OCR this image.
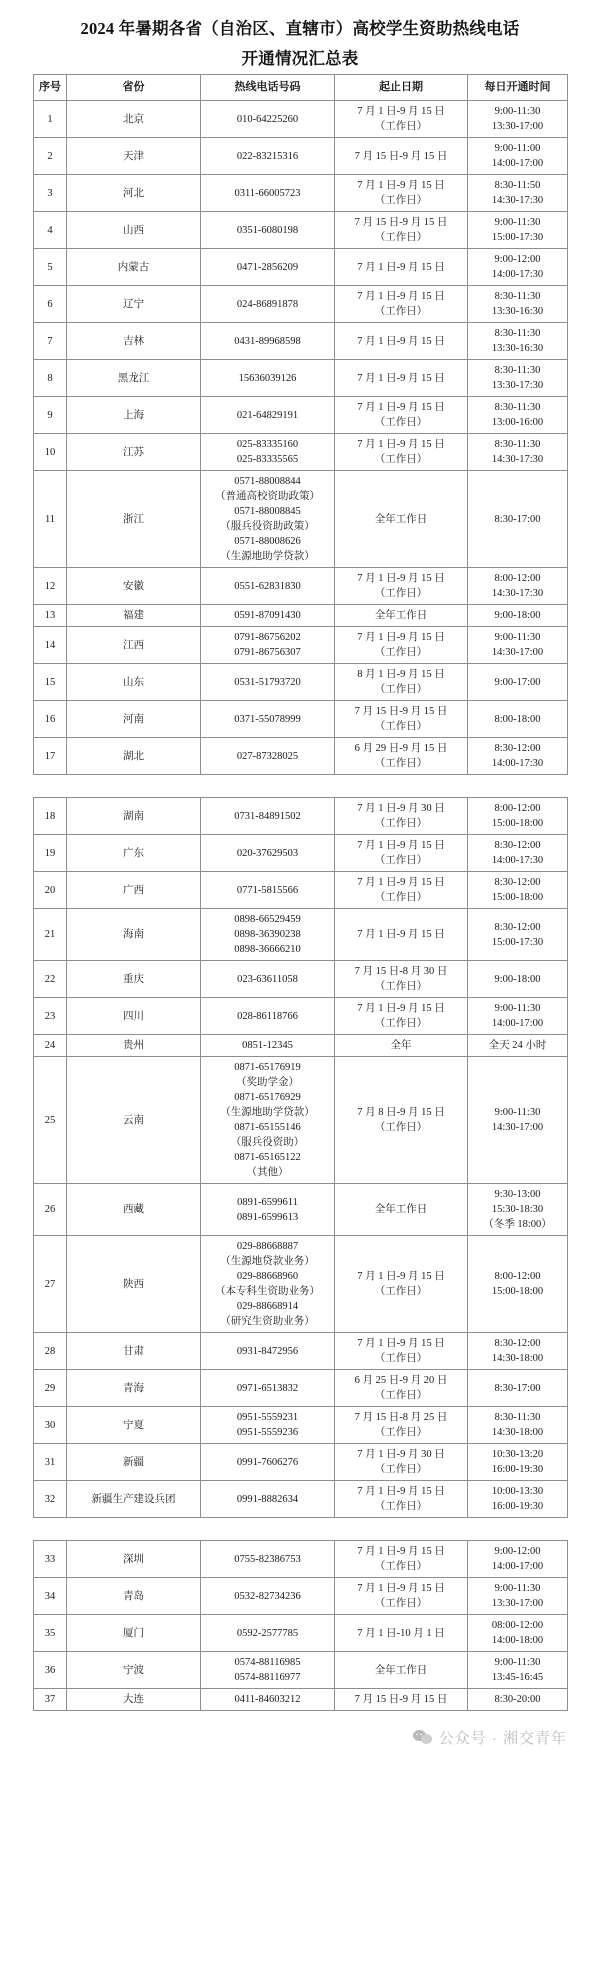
2024 年暑期各省（自治区、直辖市）高校学生资助热线电话
开通情况汇总表
序号	省份	热线电话号码	起止日期	每日开通时间
1	北京	010-64225260	7 月 1 日-9 月 15 日
（工作日）	9:00-11:30
13:30-17:00

2	天津	022-83215316	7 月 15 日-9 月 15 日	9:00-11:00
14:00-17:00

3	河北	0311-66005723	7 月 1 日-9 月 15 日
（工作日）	8:30-11:50
14:30-17:30

4	山西	0351-6080198	7 月 15 日-9 月 15 日
（工作日）	9:00-11:30
15:00-17:30

5	内蒙古	0471-2856209	7 月 1 日-9 月 15 日	9:00-12:00
14:00-17:30

6	辽宁	024-86891878	7 月 1 日-9 月 15 日
（工作日）	8:30-11:30
13:30-16:30

7	吉林	0431-89968598	7 月 1 日-9 月 15 日	8:30-11:30
13:30-16:30

8	黑龙江	15636039126	7 月 1 日-9 月 15 日	8:30-11:30
13:30-17:30

9	上海	021-64829191	7 月 1 日-9 月 15 日
（工作日）	8:30-11:30
13:00-16:00

10	江苏	025-83335160
025-83335565	7 月 1 日-9 月 15 日
（工作日）	8:30-11:30
14:30-17:30

11	浙江	
0571-88008844
（普通高校资助政策）
0571-88008845
（服兵役资助政策）
0571-88008626
（生源地助学贷款）

全年工作日	8:30-17:00

12	安徽	0551-62831830	7 月 1 日-9 月 15 日
（工作日）	8:00-12:00
14:30-17:30

13	福建	0591-87091430	全年工作日	9:00-18:00

14	江西	0791-86756202
0791-86756307	7 月 1 日-9 月 15 日
（工作日）	9:00-11:30
14:30-17:00

15	山东	0531-51793720	8 月 1 日-9 月 15 日
（工作日）	9:00-17:00

16	河南	0371-55078999	7 月 15 日-9 月 15 日
（工作日）	8:00-18:00

17	湖北	027-87328025	6 月 29 日-9 月 15 日
（工作日）	8:30-12:00
14:00-17:30
18	湖南	0731-84891502	7 月 1 日-9 月 30 日
（工作日）	8:00-12:00
15:00-18:00

19	广东	020-37629503	7 月 1 日-9 月 15 日
（工作日）	8:30-12:00
14:00-17:30

20	广西	0771-5815566	7 月 1 日-9 月 15 日
（工作日）	8:30-12:00
15:00-18:00

21	海南	0898-66529459
0898-36390238
0898-36666210	7 月 1 日-9 月 15 日	8:30-12:00
15:00-17:30

22	重庆	023-63611058	7 月 15 日-8 月 30 日
（工作日）	9:00-18:00

23	四川	028-86118766	7 月 1 日-9 月 15 日
（工作日）	9:00-11:30
14:00-17:00

24	贵州	0851-12345	全年	全天 24 小时

25	云南	
0871-65176919
（奖助学金）
0871-65176929
（生源地助学贷款）
0871-65155146
（服兵役资助）
0871-65165122
（其他）

7 月 8 日-9 月 15 日
（工作日）

9:00-11:30
14:30-17:00

26	西藏	0891-6599611
0891-6599613	全年工作日	9:30-13:00
15:30-18:30
（冬季 18:00）

27	陕西	
029-88668887
（生源地贷款业务）
029-88668960
（本专科生资助业务）
029-88668914
（研究生资助业务）

7 月 1 日-9 月 15 日
（工作日）

8:00-12:00
15:00-18:00

28	甘肃	0931-8472956	7 月 1 日-9 月 15 日
（工作日）	8:30-12:00
14:30-18:00

29	青海	0971-6513832	6 月 25 日-9 月 20 日
（工作日）	8:30-17:00

30	宁夏	0951-5559231
0951-5559236	7 月 15 日-8 月 25 日
（工作日）	8:30-11:30
14:30-18:00

31	新疆	0991-7606276	7 月 1 日-9 月 30 日
（工作日）	10:30-13:20
16:00-19:30

32	新疆生产建设兵团	0991-8882634	7 月 1 日-9 月 15 日
（工作日）	10:00-13:30
16:00-19:30
33	深圳	0755-82386753	7 月 1 日-9 月 15 日
（工作日）	9:00-12:00
14:00-17:00

34	青岛	0532-82734236	7 月 1 日-9 月 15 日
（工作日）	9:00-11:30
13:30-17:00

35	厦门	0592-2577785	7 月 1 日-10 月 1 日	08:00-12:00
14:00-18:00

36	宁波	0574-88116985
0574-88116977	全年工作日	9:00-11:30
13:45-16:45

37	大连	0411-84603212	7 月 15 日-9 月 15 日	8:30-20:00
公众号 · 湘交青年
